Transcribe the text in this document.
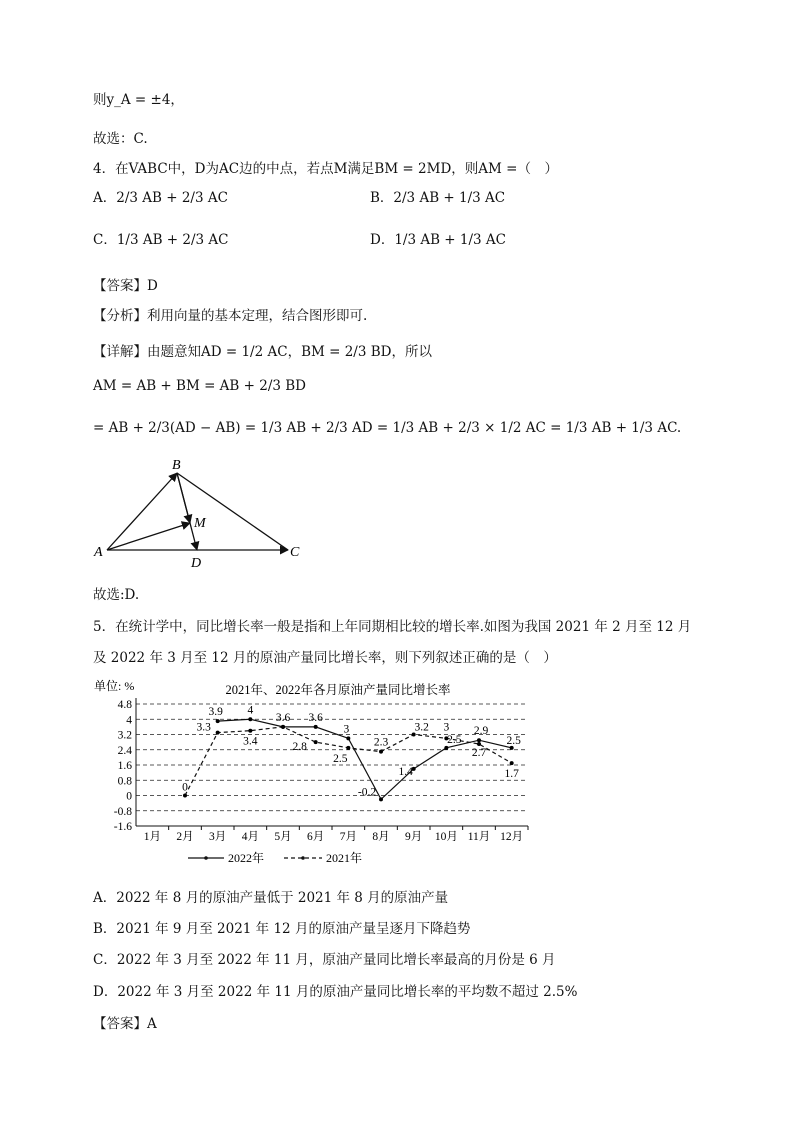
则y_A = ±4，
故选：C.
4．在VABC中，D为AC边的中点，若点M满足BM = 2MD，则AM =（　）
A．2/3 AB + 2/3 AC	B．2/3 AB + 1/3 AC
C．1/3 AB + 2/3 AC	D．1/3 AB + 1/3 AC
【答案】D
【分析】利用向量的基本定理，结合图形即可.
【详解】由题意知AD = 1/2 AC，BM = 2/3 BD，所以
AM = AB + BM = AB + 2/3 BD
= AB + 2/3(AD − AB) = 1/3 AB + 2/3 AD = 1/3 AB + 2/3 × 1/2 AC = 1/3 AB + 1/3 AC.
B
A	C
D
M
故选:D.
5．在统计学中，同比增长率一般是指和上年同期相比较的增长率.如图为我国 2021 年 2 月至 12 月
及 2022 年 3 月至 12 月的原油产量同比增长率，则下列叙述正确的是（　）
单位: %	2021年、2022年各月原油产量同比增长率
4.8
4
3.2
2.4
1.6
0.8
0
-0.8
-1.6
1月 2月 3月 4月 5月 6月 7月 8月 9月 10月 11月 12月
3.9 4
3.6 3.6
3
-0.2
1.4
2.5
2.9
2.5
0
3.3
3.4	2.8
2.5
2.3
3.2 3
2.7
1.7
2022年	2021年
A．2022 年 8 月的原油产量低于 2021 年 8 月的原油产量
B．2021 年 9 月至 2021 年 12 月的原油产量呈逐月下降趋势
C．2022 年 3 月至 2022 年 11 月，原油产量同比增长率最高的月份是 6 月
D．2022 年 3 月至 2022 年 11 月的原油产量同比增长率的平均数不超过 2.5%
【答案】A
